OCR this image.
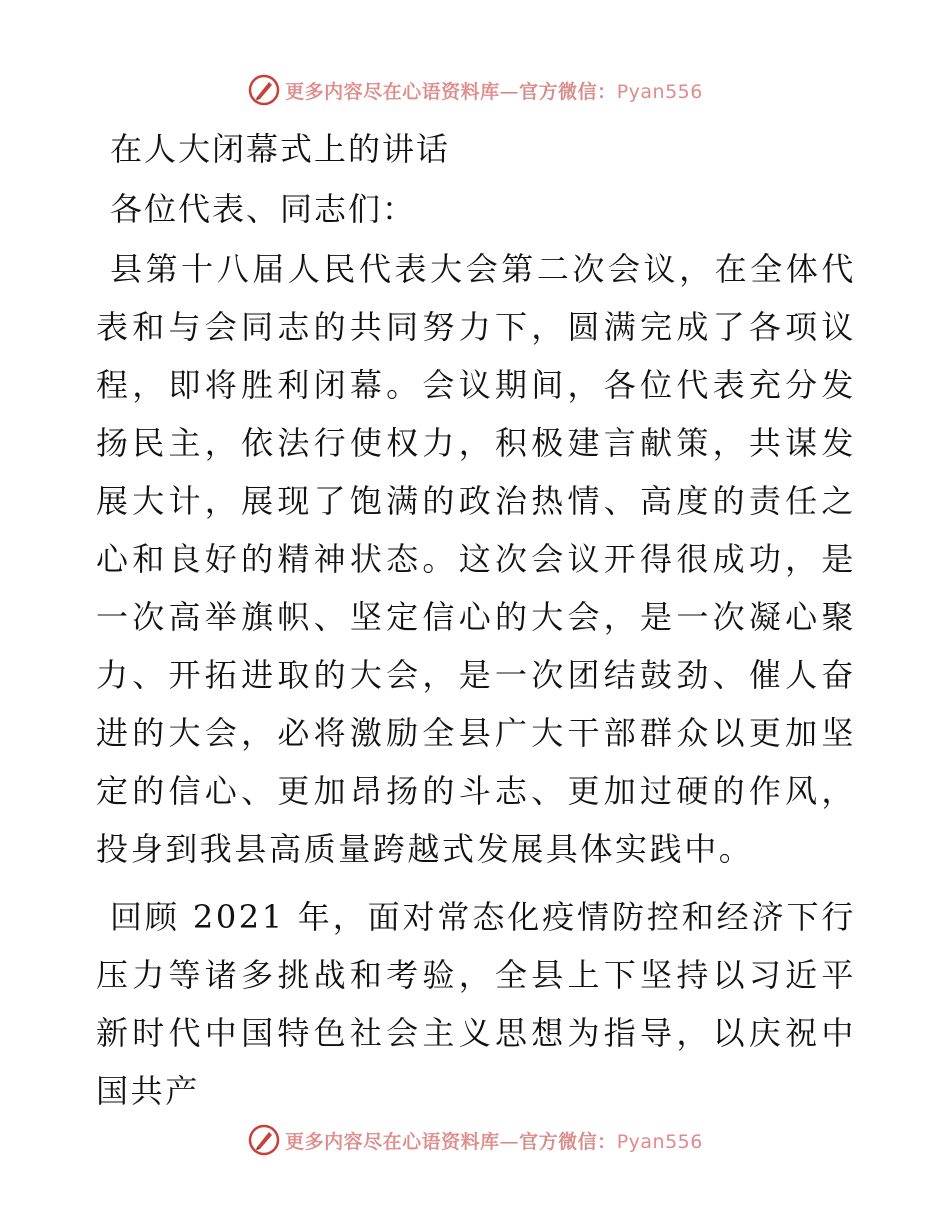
更多内容尽在心语资料库—官方微信：Pyan556

在人大闭幕式上的讲话

各位代表、同志们：

县第十八届人民代表大会第二次会议，在全体代表和与会同志的共同努力下，圆满完成了各项议程，即将胜利闭幕。会议期间，各位代表充分发扬民主，依法行使权力，积极建言献策，共谋发展大计，展现了饱满的政治热情、高度的责任之心和良好的精神状态。这次会议开得很成功，是一次高举旗帜、坚定信心的大会，是一次凝心聚力、开拓进取的大会，是一次团结鼓劲、催人奋进的大会，必将激励全县广大干部群众以更加坚定的信心、更加昂扬的斗志、更加过硬的作风，投身到我县高质量跨越式发展具体实践中。

回顾 2021 年，面对常态化疫情防控和经济下行压力等诸多挑战和考验，全县上下坚持以习近平新时代中国特色社会主义思想为指导，以庆祝中国共产

更多内容尽在心语资料库—官方微信：Pyan556
